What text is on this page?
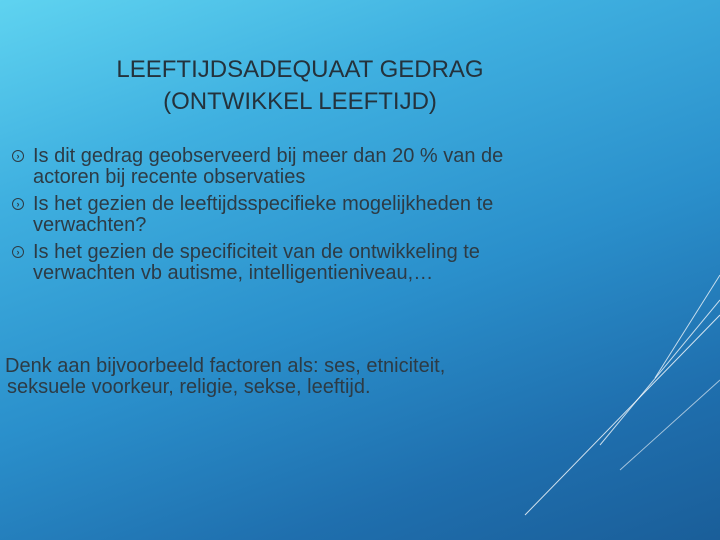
LEEFTIJDSADEQUAAT GEDRAG
(ONTWIKKEL LEEFTIJD)
›
Is dit gedrag geobserveerd bij meer dan 20 % van de actoren bij recente observaties
›
Is het gezien de leeftijdsspecifieke mogelijkheden te verwachten?
›
Is het gezien de specificiteit van de ontwikkeling te verwachten vb autisme, intelligentieniveau,…

Denk aan bijvoorbeeld factoren als: ses, etniciteit, seksuele voorkeur, religie, sekse, leeftijd.
